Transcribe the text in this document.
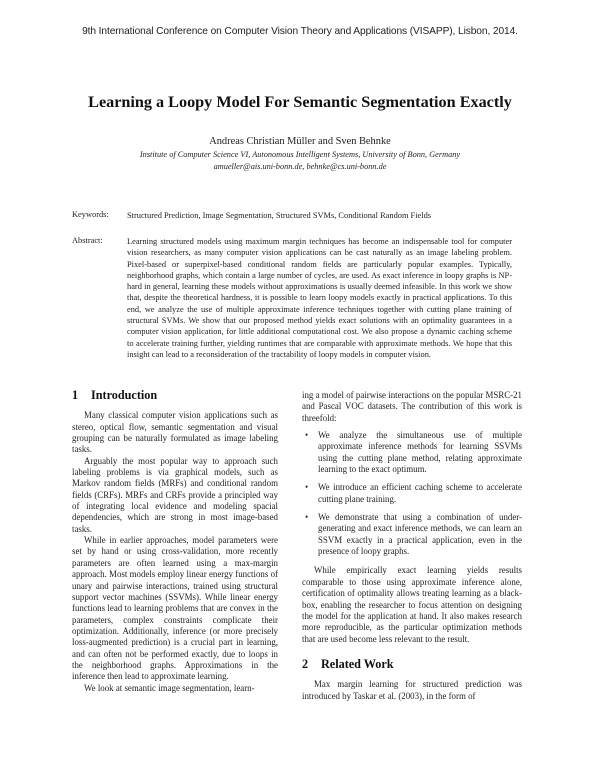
9th International Conference on Computer Vision Theory and Applications (VISAPP), Lisbon, 2014.
Learning a Loopy Model For Semantic Segmentation Exactly
Andreas Christian Müller and Sven Behnke
Institute of Computer Science VI, Autonomous Intelligent Systems, University of Bonn, Germany
amueller@ais.uni-bonn.de, behnke@cs.uni-bonn.de
Keywords: Structured Prediction, Image Segmentation, Structured SVMs, Conditional Random Fields
Abstract:	Learning structured models using maximum margin techniques has become an indispensable tool for computer vision researchers, as many computer vision applications can be cast naturally as an image labeling problem. Pixel-based or superpixel-based conditional random fields are particularly popular examples. Typically, neighborhood graphs, which contain a large number of cycles, are used. As exact inference in loopy graphs is NP-hard in general, learning these models without approximations is usually deemed infeasible. In this work we show that, despite the theoretical hardness, it is possible to learn loopy models exactly in practical applications. To this end, we analyze the use of multiple approximate inference techniques together with cutting plane training of structural SVMs. We show that our proposed method yields exact solutions with an optimality guarantees in a computer vision application, for little additional computational cost. We also propose a dynamic caching scheme to accelerate training further, yielding runtimes that are comparable with approximate methods. We hope that this insight can lead to a reconsideration of the tractability of loopy models in computer vision.
1 Introduction

Many classical computer vision applications such as stereo, optical flow, semantic segmentation and visual grouping can be naturally formulated as image labeling tasks.

Arguably the most popular way to approach such labeling problems is via graphical models, such as Markov random fields (MRFs) and conditional random fields (CRFs). MRFs and CRFs provide a principled way of integrating local evidence and modeling spacial dependencies, which are strong in most image-based tasks.

While in earlier approaches, model parameters were set by hand or using cross-validation, more recently parameters are often learned using a max-margin approach. Most models employ linear energy functions of unary and pairwise interactions, trained using structural support vector machines (SSVMs). While linear energy functions lead to learning problems that are convex in the parameters, complex constraints complicate their optimization. Additionally, inference (or more precisely loss-augmented prediction) is a crucial part in learning, and can often not be performed exactly, due to loops in the neighborhood graphs. Approximations in the inference then lead to approximate learning.

We look at semantic image segmentation, learn-

ing a model of pairwise interactions on the popular MSRC-21 and Pascal VOC datasets. The contribution of this work is threefold:

• We analyze the simultaneous use of multiple approximate inference methods for learning SSVMs using the cutting plane method, relating approximate learning to the exact optimum.
• We introduce an efficient caching scheme to accelerate cutting plane training.
• We demonstrate that using a combination of under-generating and exact inference methods, we can learn an SSVM exactly in a practical application, even in the presence of loopy graphs.

While empirically exact learning yields results comparable to those using approximate inference alone, certification of optimality allows treating learning as a black-box, enabling the researcher to focus attention on designing the model for the application at hand. It also makes research more reproducible, as the particular optimization methods that are used become less relevant to the result.

2 Related Work

Max margin learning for structured prediction was introduced by Taskar et al. (2003), in the form of
